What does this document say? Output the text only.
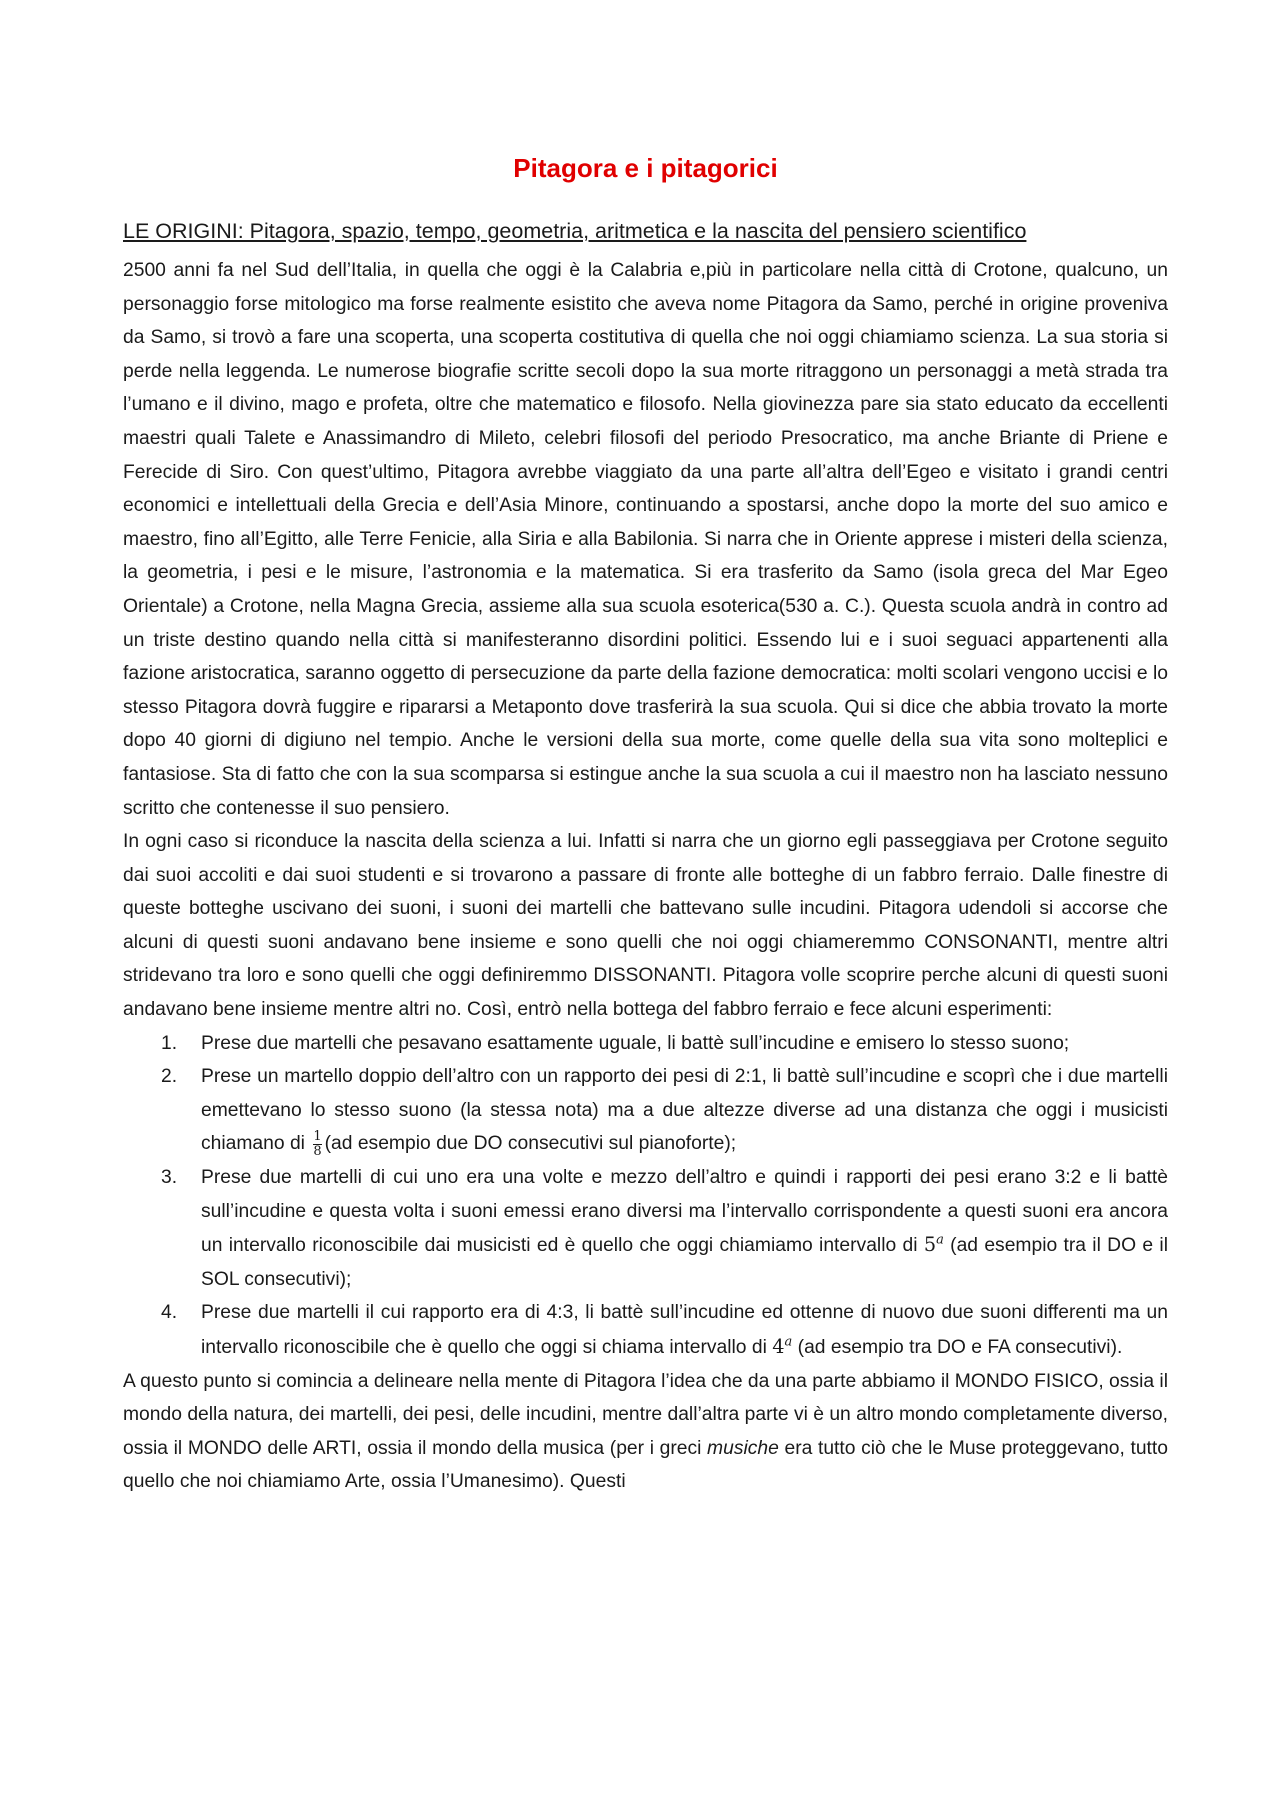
Pitagora e i pitagorici
LE ORIGINI: Pitagora, spazio, tempo, geometria, aritmetica e la nascita del pensiero scientifico

2500 anni fa nel Sud dell’Italia, in quella che oggi è la Calabria e,più in particolare nella città di Crotone, qualcuno, un personaggio forse mitologico ma forse realmente esistito che aveva nome Pitagora da Samo, perché in origine proveniva da Samo, si trovò a fare una scoperta, una scoperta costitutiva di quella che noi oggi chiamiamo scienza. La sua storia si perde nella leggenda. Le numerose biografie scritte secoli dopo la sua morte ritraggono un personaggi a metà strada tra l’umano e il divino, mago e profeta, oltre che matematico e filosofo. Nella giovinezza pare sia stato educato da eccellenti maestri quali Talete e Anassimandro di Mileto, celebri filosofi del periodo Presocratico, ma anche Briante di Priene e Ferecide di Siro. Con quest’ultimo, Pitagora avrebbe viaggiato da una parte all’altra dell’Egeo e visitato i grandi centri economici e intellettuali della Grecia e dell’Asia Minore, continuando a spostarsi, anche dopo la morte del suo amico e maestro, fino all’Egitto, alle Terre Fenicie, alla Siria e alla Babilonia. Si narra che in Oriente apprese i misteri della scienza, la geometria, i pesi e le misure, l’astronomia e la matematica. Si era trasferito da Samo (isola greca del Mar Egeo Orientale) a Crotone, nella Magna Grecia, assieme alla sua scuola esoterica(530 a. C.). Questa scuola andrà in contro ad un triste destino quando nella città si manifesteranno disordini politici. Essendo lui e i suoi seguaci appartenenti alla fazione aristocratica, saranno oggetto di persecuzione da parte della fazione democratica: molti scolari vengono uccisi e lo stesso Pitagora dovrà fuggire e ripararsi a Metaponto dove trasferirà la sua scuola. Qui si dice che abbia trovato la morte dopo 40 giorni di digiuno nel tempio. Anche le versioni della sua morte, come quelle della sua vita sono molteplici e fantasiose. Sta di fatto che con la sua scomparsa si estingue anche la sua scuola a cui il maestro non ha lasciato nessuno scritto che contenesse il suo pensiero.

In ogni caso si riconduce la nascita della scienza a lui. Infatti si narra che un giorno egli passeggiava per Crotone seguito dai suoi accoliti e dai suoi studenti e si trovarono a passare di fronte alle botteghe di un fabbro ferraio. Dalle finestre di queste botteghe uscivano dei suoni, i suoni dei martelli che battevano sulle incudini. Pitagora udendoli si accorse che alcuni di questi suoni andavano bene insieme e sono quelli che noi oggi chiameremmo CONSONANTI, mentre altri stridevano tra loro e sono quelli che oggi definiremmo DISSONANTI. Pitagora volle scoprire perche alcuni di questi suoni andavano bene insieme mentre altri no. Così, entrò nella bottega del fabbro ferraio e fece alcuni esperimenti:

1. Prese due martelli che pesavano esattamente uguale, li battè sull’incudine e emisero lo stesso suono;
2. Prese un martello doppio dell’altro con un rapporto dei pesi di 2:1, li battè sull’incudine e scoprì che i due martelli emettevano lo stesso suono (la stessa nota) ma a due altezze diverse ad una distanza che oggi i musicisti chiamano di $\frac{1}{8} (ad$ esempio due DO consecutivi sul pianoforte);
3. Prese due martelli di cui uno era una volte e mezzo dell’altro e quindi i rapporti dei pesi erano 3:2 e li battè sull’incudine e questa volta i suoni emessi erano diversi ma l’intervallo corrispondente a questi suoni era ancora un intervallo riconoscibile dai musicisti ed è quello che oggi chiamiamo intervallo di 5$^a$ (ad esempio tra il DO e il SOL consecutivi);
4. Prese due martelli il cui rapporto era di 4:3, li battè sull’incudine ed ottenne di nuovo due suoni differenti ma un intervallo riconoscibile che è quello che oggi si chiama intervallo di 4$^a$ (ad esempio tra DO e FA consecutivi).

A questo punto si comincia a delineare nella mente di Pitagora l’idea che da una parte abbiamo il MONDO FISICO, ossia il mondo della natura, dei martelli, dei pesi, delle incudini, mentre dall’altra parte vi è un altro mondo completamente diverso, ossia il MONDO delle ARTI, ossia il mondo della musica (per i greci musiche era tutto ciò che le Muse proteggevano, tutto quello che noi chiamiamo Arte, ossia l’Umanesimo). Questi
